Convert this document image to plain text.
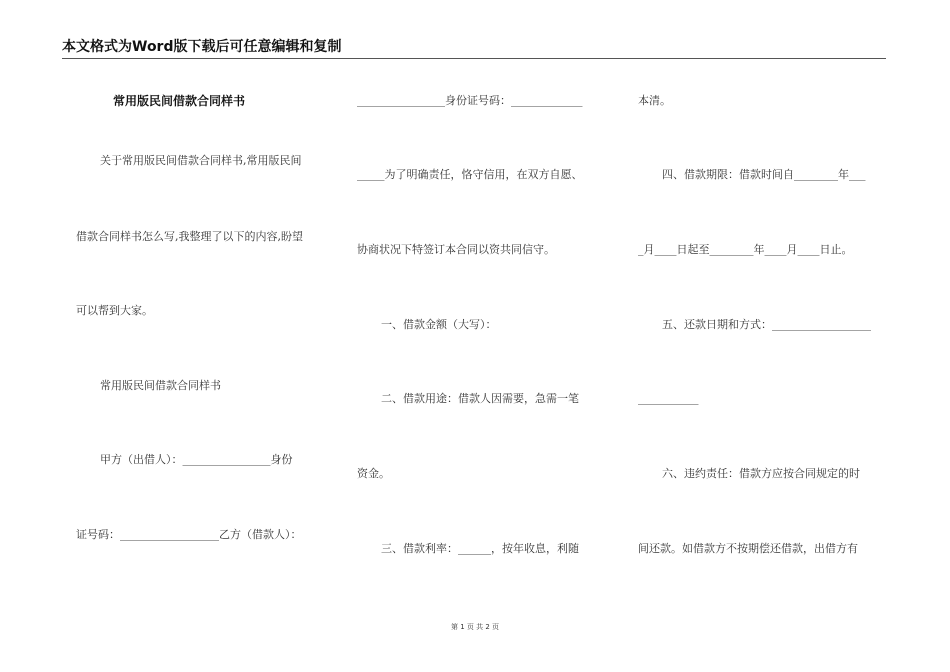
本文格式为Word版下载后可任意编辑和复制
常用版民间借款合同样书
关于常用版民间借款合同样书,常用版民间
借款合同样书怎么写,我整理了以下的内容,盼望
可以帮到大家。
常用版民间借款合同样书
甲方（出借人）：________________身份
证号码：__________________乙方（借款人）：
________________身份证号码：_____________
_____为了明确责任，恪守信用，在双方自愿、
协商状况下特签订本合同以资共同信守。
一、借款金额（大写）：
二、借款用途：借款人因需要，急需一笔
资金。
三、借款利率：______，按年收息，利随
本清。
四、借款期限：借款时间自________年___
_月____日起至________年____月____日止。
五、还款日期和方式：__________________
___________
六、违约责任：借款方应按合同规定的时
间还款。如借款方不按期偿还借款，出借方有
第 1 页 共 2 页
